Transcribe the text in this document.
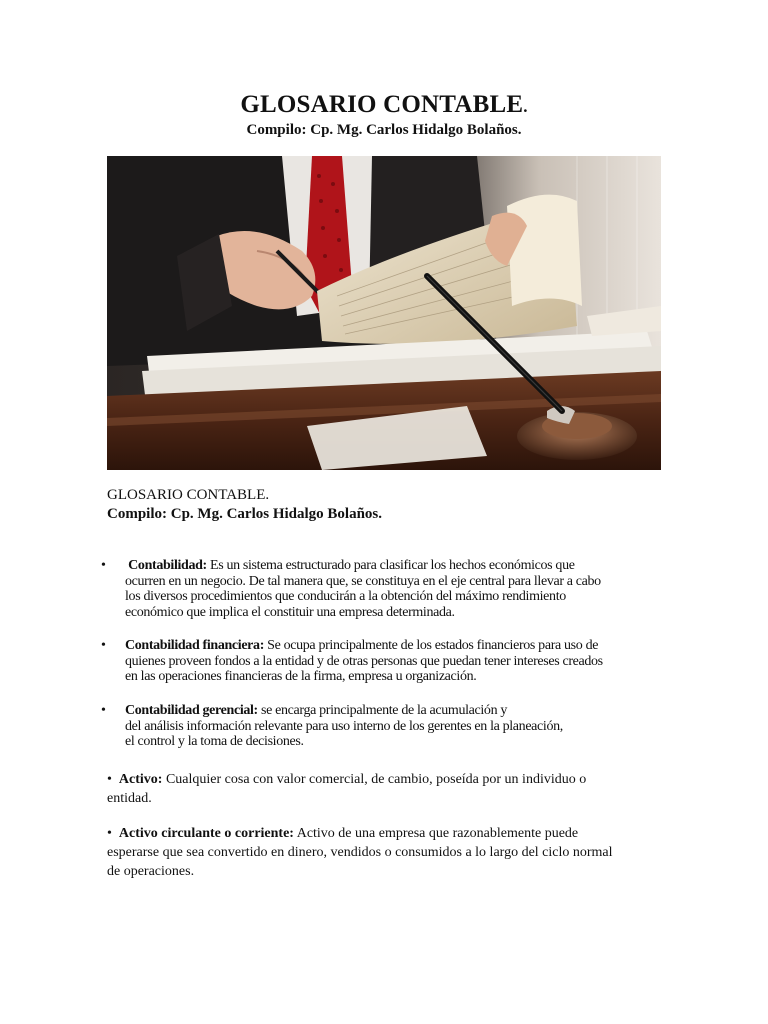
GLOSARIO CONTABLE.
Compilo: Cp. Mg. Carlos Hidalgo Bolaños.
GLOSARIO CONTABLE.
Compilo: Cp. Mg. Carlos Hidalgo Bolaños.
• Contabilidad: Es un sistema estructurado para clasificar los hechos económicos que
ocurren en un negocio. De tal manera que, se constituya en el eje central para llevar a cabo
los diversos procedimientos que conducirán a la obtención del máximo rendimiento
económico que implica el constituir una empresa determinada.
• Contabilidad financiera: Se ocupa principalmente de los estados financieros para uso de
quienes proveen fondos a la entidad y de otras personas que puedan tener intereses creados
en las operaciones financieras de la firma, empresa u organización.
• Contabilidad gerencial: se encarga principalmente de la acumulación y
del análisis información relevante para uso interno de los gerentes en la planeación,
el control y la toma de decisiones.
• Activo: Cualquier cosa con valor comercial, de cambio, poseída por un individuo o
entidad.
• Activo circulante o corriente: Activo de una empresa que razonablemente puede
esperarse que sea convertido en dinero, vendidos o consumidos a lo largo del ciclo normal
de operaciones.
